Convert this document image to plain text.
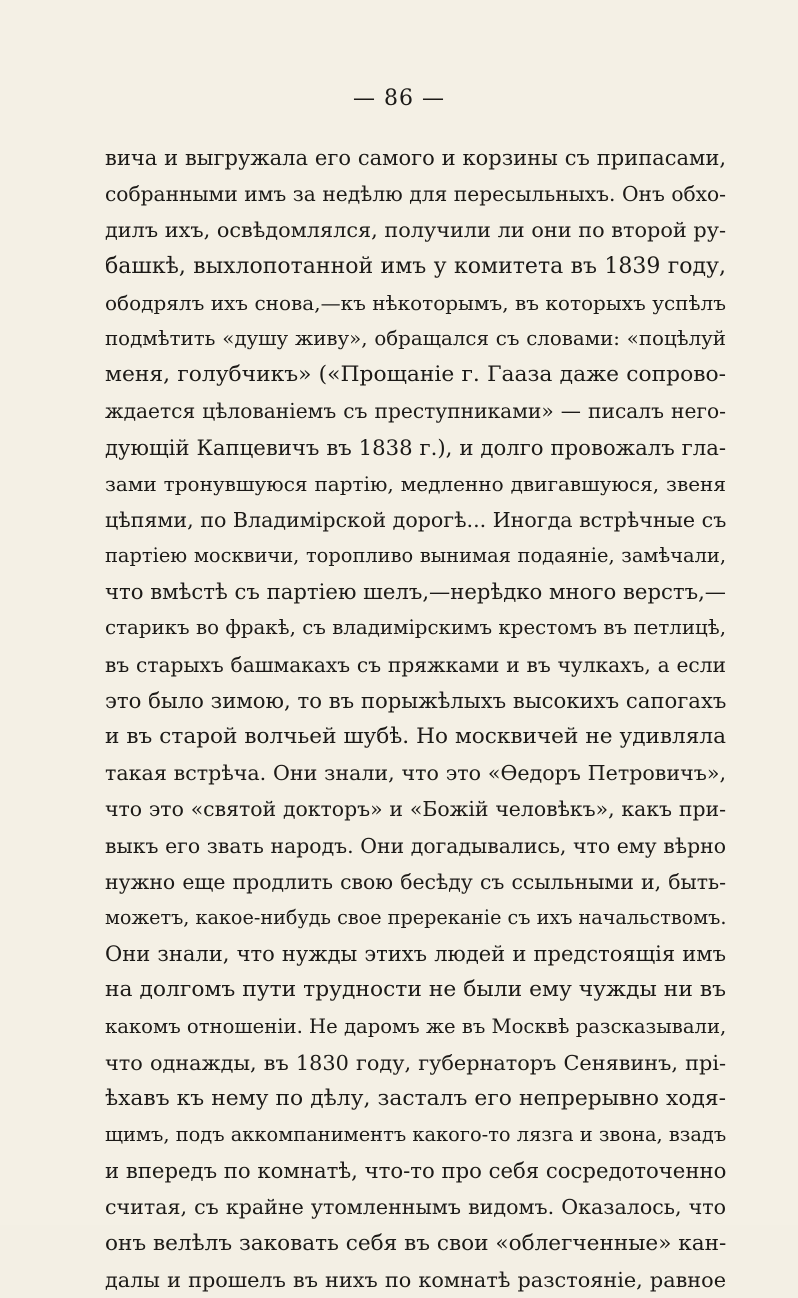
— 86 —
вича и выгружала его самого и корзины съ припасами,
собранными имъ за недѣлю для пересыльныхъ. Онъ обхо-
дилъ ихъ, освѣдомлялся, получили ли они по второй ру-
башкѣ, выхлопотанной имъ у комитета въ 1839 году,
ободрялъ ихъ снова,—къ нѣкоторымъ, въ которыхъ успѣлъ
подмѣтить «душу живу», обращался съ словами: «поцѣлуй
меня, голубчикъ» («Прощаніе г. Гааза даже сопрово-
ждается цѣлованіемъ съ преступниками» — писалъ него-
дующій Капцевичъ въ 1838 г.), и долго провожалъ гла-
зами тронувшуюся партію, медленно двигавшуюся, звеня
цѣпями, по Владимірской дорогѣ... Иногда встрѣчные съ
партіею москвичи, торопливо вынимая подаяніе, замѣчали,
что вмѣстѣ съ партіею шелъ,—нерѣдко много верстъ,—
старикъ во фракѣ, съ владимірскимъ крестомъ въ петлицѣ,
въ старыхъ башмакахъ съ пряжками и въ чулкахъ, а если
это было зимою, то въ порыжѣлыхъ высокихъ сапогахъ
и въ старой волчьей шубѣ. Но москвичей не удивляла
такая встрѣча. Они знали, что это «Ѳедоръ Петровичъ»,
что это «святой докторъ» и «Божій человѣкъ», какъ при-
выкъ его звать народъ. Они догадывались, что ему вѣрно
нужно еще продлить свою бесѣду съ ссыльными и, быть-
можетъ, какое-нибудь свое пререканіе съ ихъ начальствомъ.
Они знали, что нужды этихъ людей и предстоящія имъ
на долгомъ пути трудности не были ему чужды ни въ
какомъ отношеніи. Не даромъ же въ Москвѣ разсказывали,
что однажды, въ 1830 году, губернаторъ Сенявинъ, прі-
ѣхавъ къ нему по дѣлу, засталъ его непрерывно ходя-
щимъ, подъ аккомпаниментъ какого-то лязга и звона, взадъ
и впередъ по комнатѣ, что-то про себя сосредоточенно
считая, съ крайне утомленнымъ видомъ. Оказалось, что
онъ велѣлъ заковать себя въ свои «облегченные» кан-
далы и прошелъ въ нихъ по комнатѣ разстояніе, равное
